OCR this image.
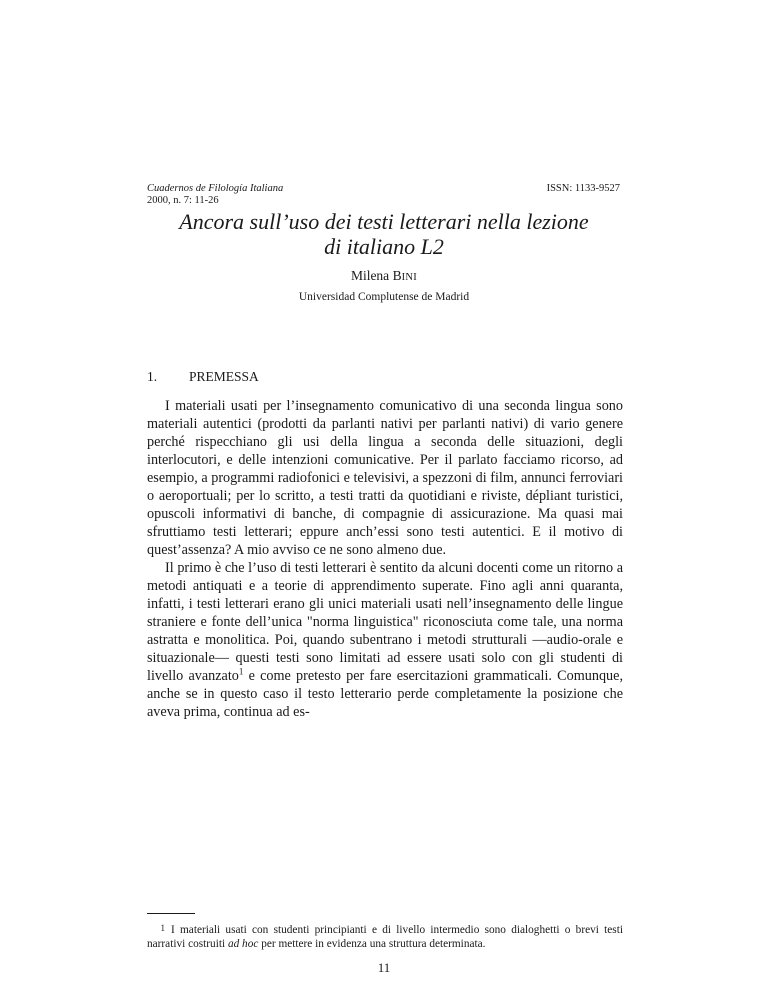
Cuadernos de Filología Italiana
2000, n. 7: 11-26
ISSN: 1133-9527
Ancora sull’uso dei testi letterari nella lezione
di italiano L2
Milena BINI
Universidad Complutense de Madrid
1. PREMESSA

I materiali usati per l’insegnamento comunicativo di una seconda lingua sono materiali autentici (prodotti da parlanti nativi per parlanti nativi) di vario genere perché rispecchiano gli usi della lingua a seconda delle situazioni, degli interlocutori, e delle intenzioni comunicative. Per il parlato facciamo ricorso, ad esempio, a programmi radiofonici e televisivi, a spezzoni di film, annunci ferroviari o aeroportuali; per lo scritto, a testi tratti da quotidiani e riviste, dépliant turistici, opuscoli informativi di banche, di compagnie di assicurazione. Ma quasi mai sfruttiamo testi letterari; eppure anch’essi sono testi autentici. E il motivo di quest’assenza? A mio avviso ce ne sono almeno due.

Il primo è che l’uso di testi letterari è sentito da alcuni docenti come un ritorno a metodi antiquati e a teorie di apprendimento superate. Fino agli anni quaranta, infatti, i testi letterari erano gli unici materiali usati nell’insegnamento delle lingue straniere e fonte dell’unica "norma linguistica" riconosciuta come tale, una norma astratta e monolitica. Poi, quando subentrano i metodi strutturali —audio-orale e situazionale— questi testi sono limitati ad essere usati solo con gli studenti di livello avanzato$^1$ e come pretesto per fare esercitazioni grammaticali. Comunque, anche se in questo caso il testo letterario perde completamente la posizione che aveva prima, continua ad es-

1 I materiali usati con studenti principianti e di livello intermedio sono dialoghetti o brevi testi narrativi costruiti ad hoc per mettere in evidenza una struttura determinata.
11
